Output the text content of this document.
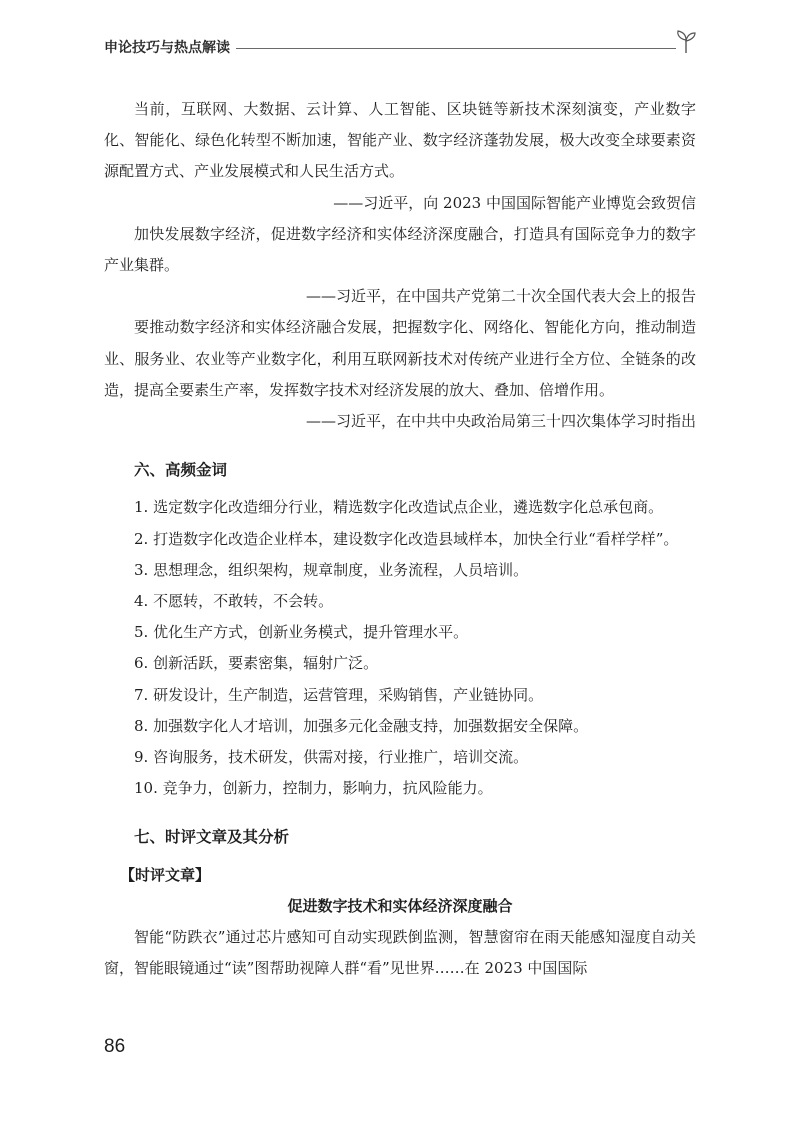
申论技巧与热点解读

当前，互联网、大数据、云计算、人工智能、区块链等新技术深刻演变，产业数字化、智能化、绿色化转型不断加速，智能产业、数字经济蓬勃发展，极大改变全球要素资源配置方式、产业发展模式和人民生活方式。

——习近平，向 2023 中国国际智能产业博览会致贺信

加快发展数字经济，促进数字经济和实体经济深度融合，打造具有国际竞争力的数字产业集群。

——习近平，在中国共产党第二十次全国代表大会上的报告

要推动数字经济和实体经济融合发展，把握数字化、网络化、智能化方向，推动制造业、服务业、农业等产业数字化，利用互联网新技术对传统产业进行全方位、全链条的改造，提高全要素生产率，发挥数字技术对经济发展的放大、叠加、倍增作用。

——习近平，在中共中央政治局第三十四次集体学习时指出

六、高频金词

1. 选定数字化改造细分行业，精选数字化改造试点企业，遴选数字化总承包商。

2. 打造数字化改造企业样本，建设数字化改造县域样本，加快全行业“看样学样”。

3. 思想理念，组织架构，规章制度，业务流程，人员培训。

4. 不愿转，不敢转，不会转。

5. 优化生产方式，创新业务模式，提升管理水平。

6. 创新活跃，要素密集，辐射广泛。

7. 研发设计，生产制造，运营管理，采购销售，产业链协同。

8. 加强数字化人才培训，加强多元化金融支持，加强数据安全保障。

9. 咨询服务，技术研发，供需对接，行业推广，培训交流。

10. 竞争力，创新力，控制力，影响力，抗风险能力。

七、时评文章及其分析

【时评文章】

促进数字技术和实体经济深度融合

智能“防跌衣”通过芯片感知可自动实现跌倒监测，智慧窗帘在雨天能感知湿度自动关窗，智能眼镜通过“读”图帮助视障人群“看”见世界……在 2023 中国国际

86
